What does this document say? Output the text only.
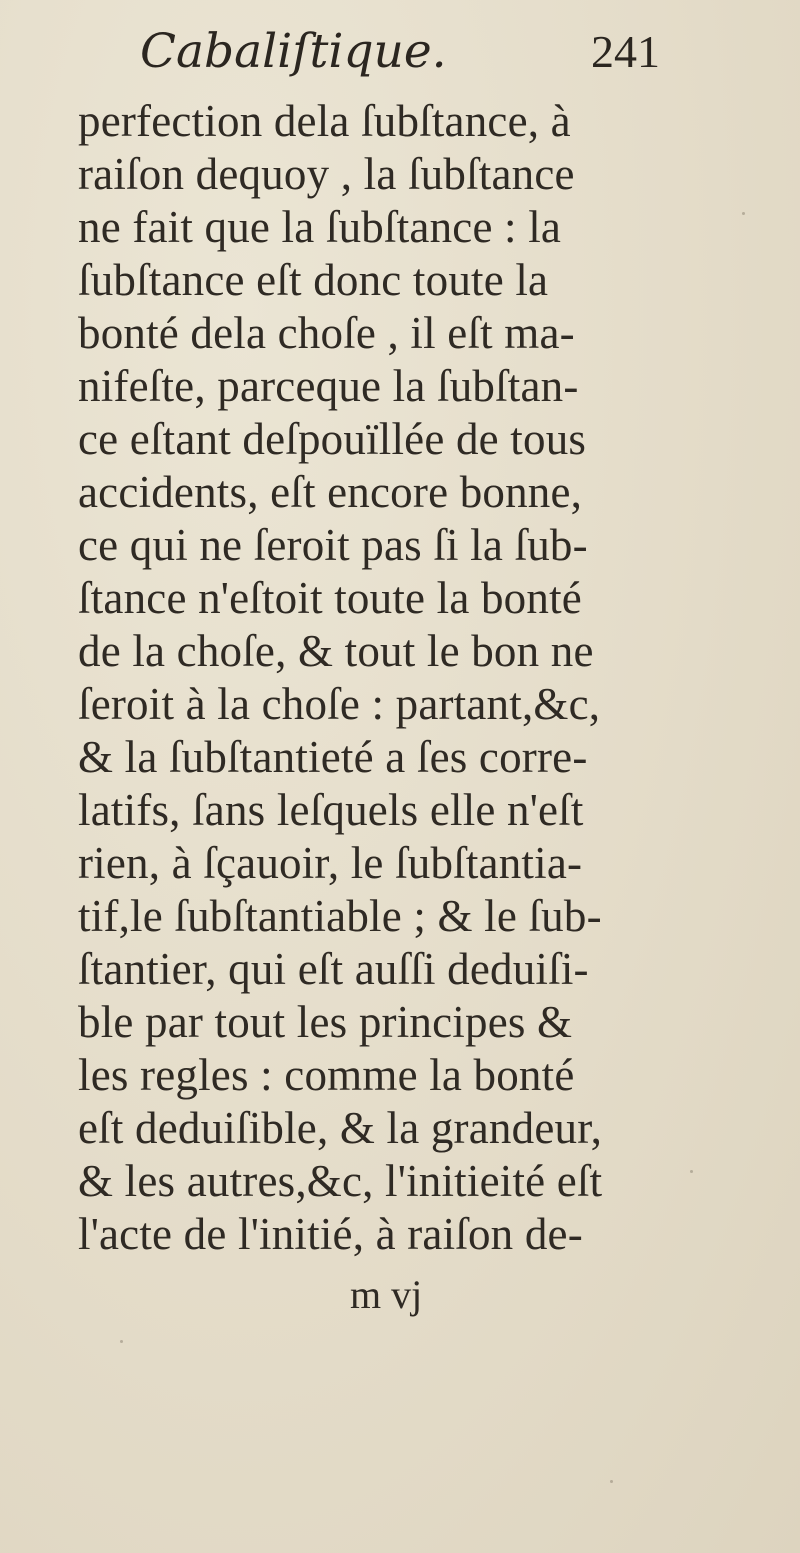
Cabaliſtique.	241
perfection dela ſubſtance, à
raiſon dequoy , la ſubſtance
ne fait que la ſubſtance : la
ſubſtance eſt donc toute la
bonté dela choſe , il eſt ma-
nifeſte, parceque la ſubſtan-
ce eſtant deſpouïllée de tous
accidents, eſt encore bonne,
ce qui ne ſeroit pas ſi la ſub-
ſtance n'eſtoit toute la bonté
de la choſe, & tout le bon ne
ſeroit à la choſe : partant,&c,
& la ſubſtantieté a ſes corre-
latifs, ſans leſquels elle n'eſt
rien, à ſçauoir, le ſubſtantia-
tif,le ſubſtantiable ; & le ſub-
ſtantier, qui eſt auſſi deduiſi-
ble par tout les principes &
les regles : comme la bonté
eſt deduiſible, & la grandeur,
& les autres,&c, l'initieité eſt
l'acte de l'initié, à raiſon de-
m vj
